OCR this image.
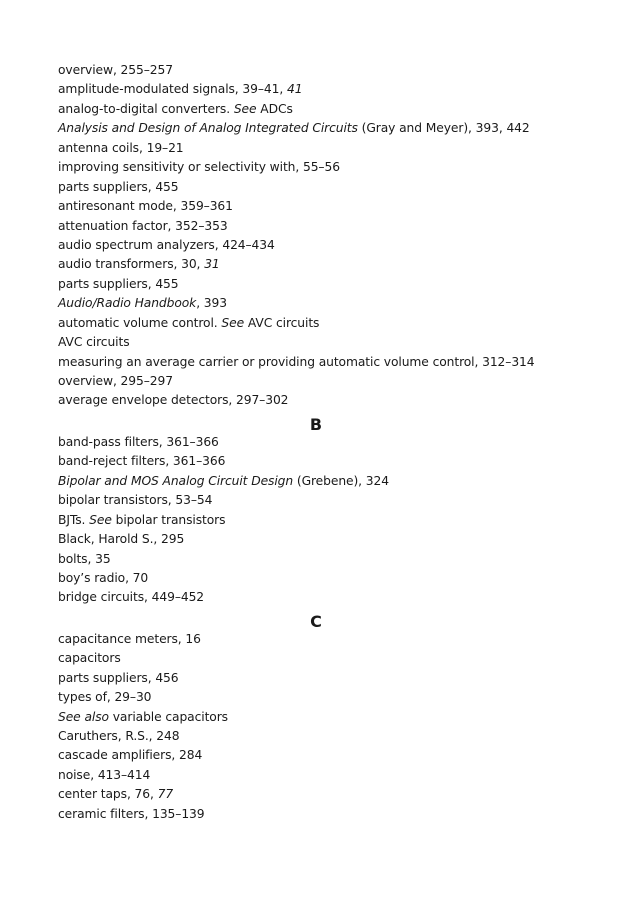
overview, 255–257
amplitude-modulated signals, 39–41, 41
analog-to-digital converters. See ADCs
Analysis and Design of Analog Integrated Circuits (Gray and Meyer), 393, 442
antenna coils, 19–21
improving sensitivity or selectivity with, 55–56
parts suppliers, 455
antiresonant mode, 359–361
attenuation factor, 352–353
audio spectrum analyzers, 424–434
audio transformers, 30, 31
parts suppliers, 455
Audio/Radio Handbook, 393
automatic volume control. See AVC circuits
AVC circuits
measuring an average carrier or providing automatic volume control, 312–314
overview, 295–297
average envelope detectors, 297–302
B
band-pass filters, 361–366
band-reject filters, 361–366
Bipolar and MOS Analog Circuit Design (Grebene), 324
bipolar transistors, 53–54
BJTs. See bipolar transistors
Black, Harold S., 295
bolts, 35
boy’s radio, 70
bridge circuits, 449–452
C
capacitance meters, 16
capacitors
parts suppliers, 456
types of, 29–30
See also variable capacitors
Caruthers, R.S., 248
cascade amplifiers, 284
noise, 413–414
center taps, 76, 77
ceramic filters, 135–139
